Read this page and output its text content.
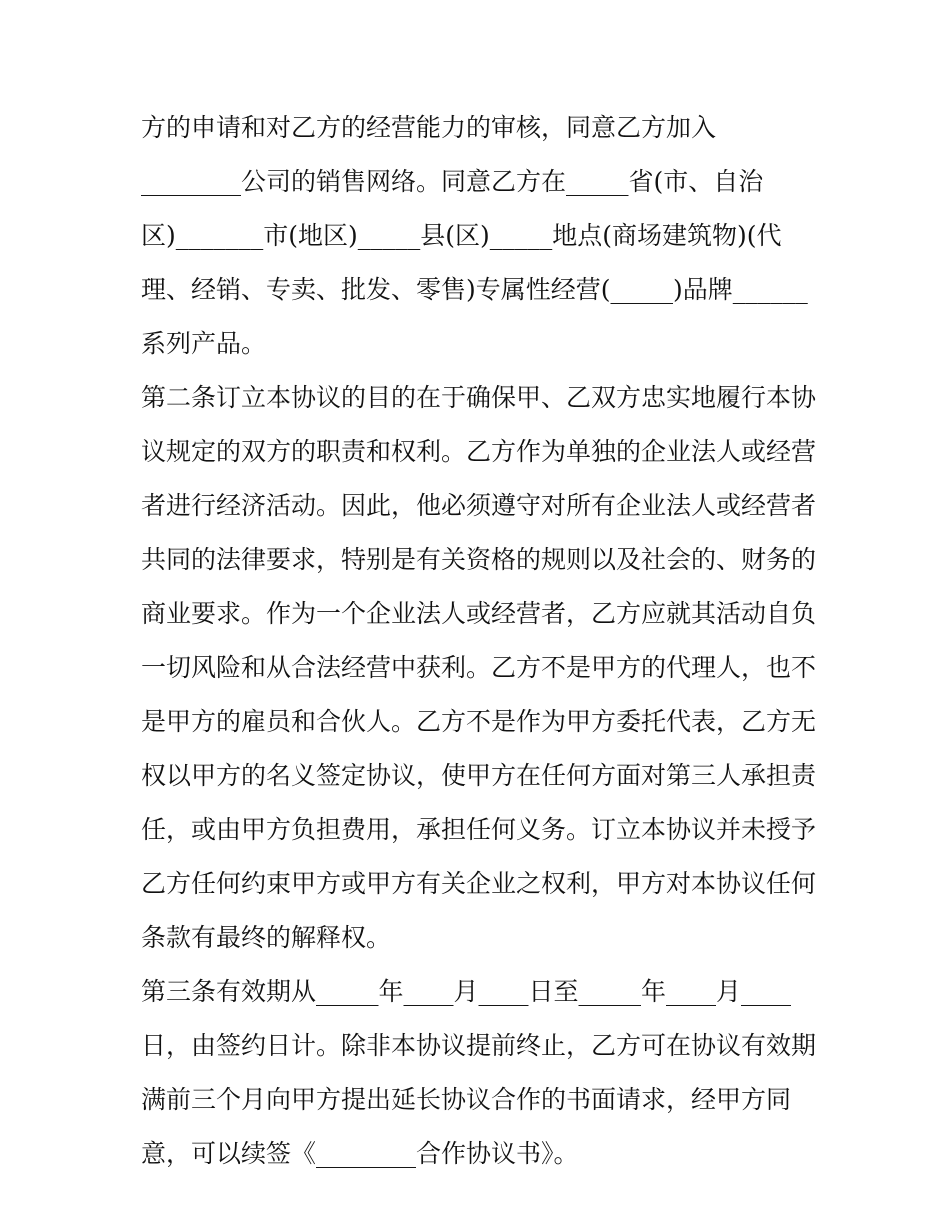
方的申请和对乙方的经营能力的审核，同意乙方加入
________公司的销售网络。同意乙方在_____省(市、自治
区)_______市(地区)_____县(区)_____地点(商场建筑物)(代
理、经销、专卖、批发、零售)专属性经营(_____)品牌______
系列产品。
第二条订立本协议的目的在于确保甲、乙双方忠实地履行本协
议规定的双方的职责和权利。乙方作为单独的企业法人或经营
者进行经济活动。因此，他必须遵守对所有企业法人或经营者
共同的法律要求，特别是有关资格的规则以及社会的、财务的
商业要求。作为一个企业法人或经营者，乙方应就其活动自负
一切风险和从合法经营中获利。乙方不是甲方的代理人，也不
是甲方的雇员和合伙人。乙方不是作为甲方委托代表，乙方无
权以甲方的名义签定协议，使甲方在任何方面对第三人承担责
任，或由甲方负担费用，承担任何义务。订立本协议并未授予
乙方任何约束甲方或甲方有关企业之权利，甲方对本协议任何
条款有最终的解释权。
第三条有效期从_____年____月____日至_____年____月____
日，由签约日计。除非本协议提前终止，乙方可在协议有效期
满前三个月向甲方提出延长协议合作的书面请求，经甲方同
意，可以续签《________合作协议书》。
